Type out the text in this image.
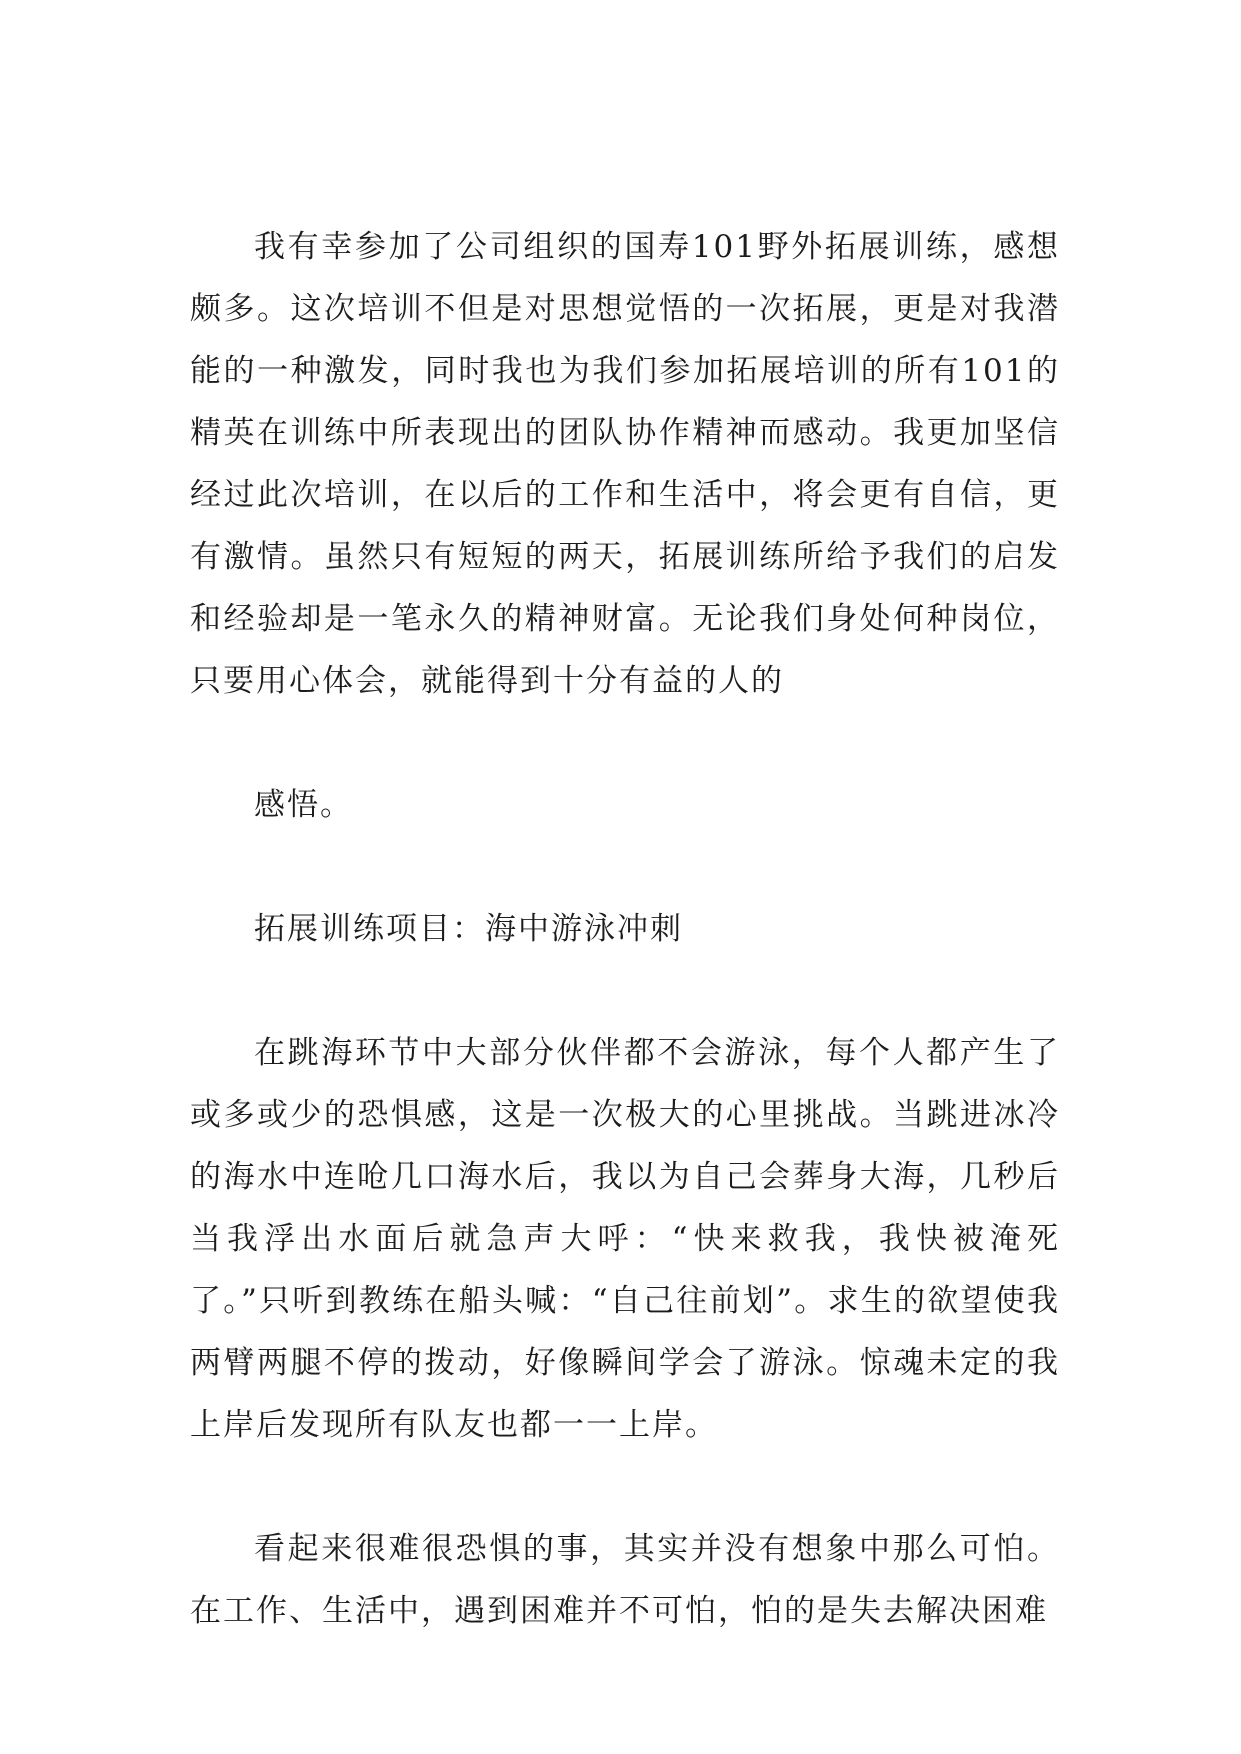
我有幸参加了公司组织的国寿101野外拓展训练，感想颇多。这次培训不但是对思想觉悟的一次拓展，更是对我潜能的一种激发，同时我也为我们参加拓展培训的所有101的精英在训练中所表现出的团队协作精神而感动。我更加坚信经过此次培训，在以后的工作和生活中，将会更有自信，更有激情。虽然只有短短的两天，拓展训练所给予我们的启发和经验却是一笔永久的精神财富。无论我们身处何种岗位，只要用心体会，就能得到十分有益的人的

感悟。

拓展训练项目：海中游泳冲刺

在跳海环节中大部分伙伴都不会游泳，每个人都产生了或多或少的恐惧感，这是一次极大的心里挑战。当跳进冰冷的海水中连呛几口海水后，我以为自己会葬身大海，几秒后当我浮出水面后就急声大呼：“快来救我，我快被淹死了。”只听到教练在船头喊：“自己往前划”。求生的欲望使我两臂两腿不停的拨动，好像瞬间学会了游泳。惊魂未定的我上岸后发现所有队友也都一一上岸。

看起来很难很恐惧的事，其实并没有想象中那么可怕。在工作、生活中，遇到困难并不可怕，怕的是失去解决困难
